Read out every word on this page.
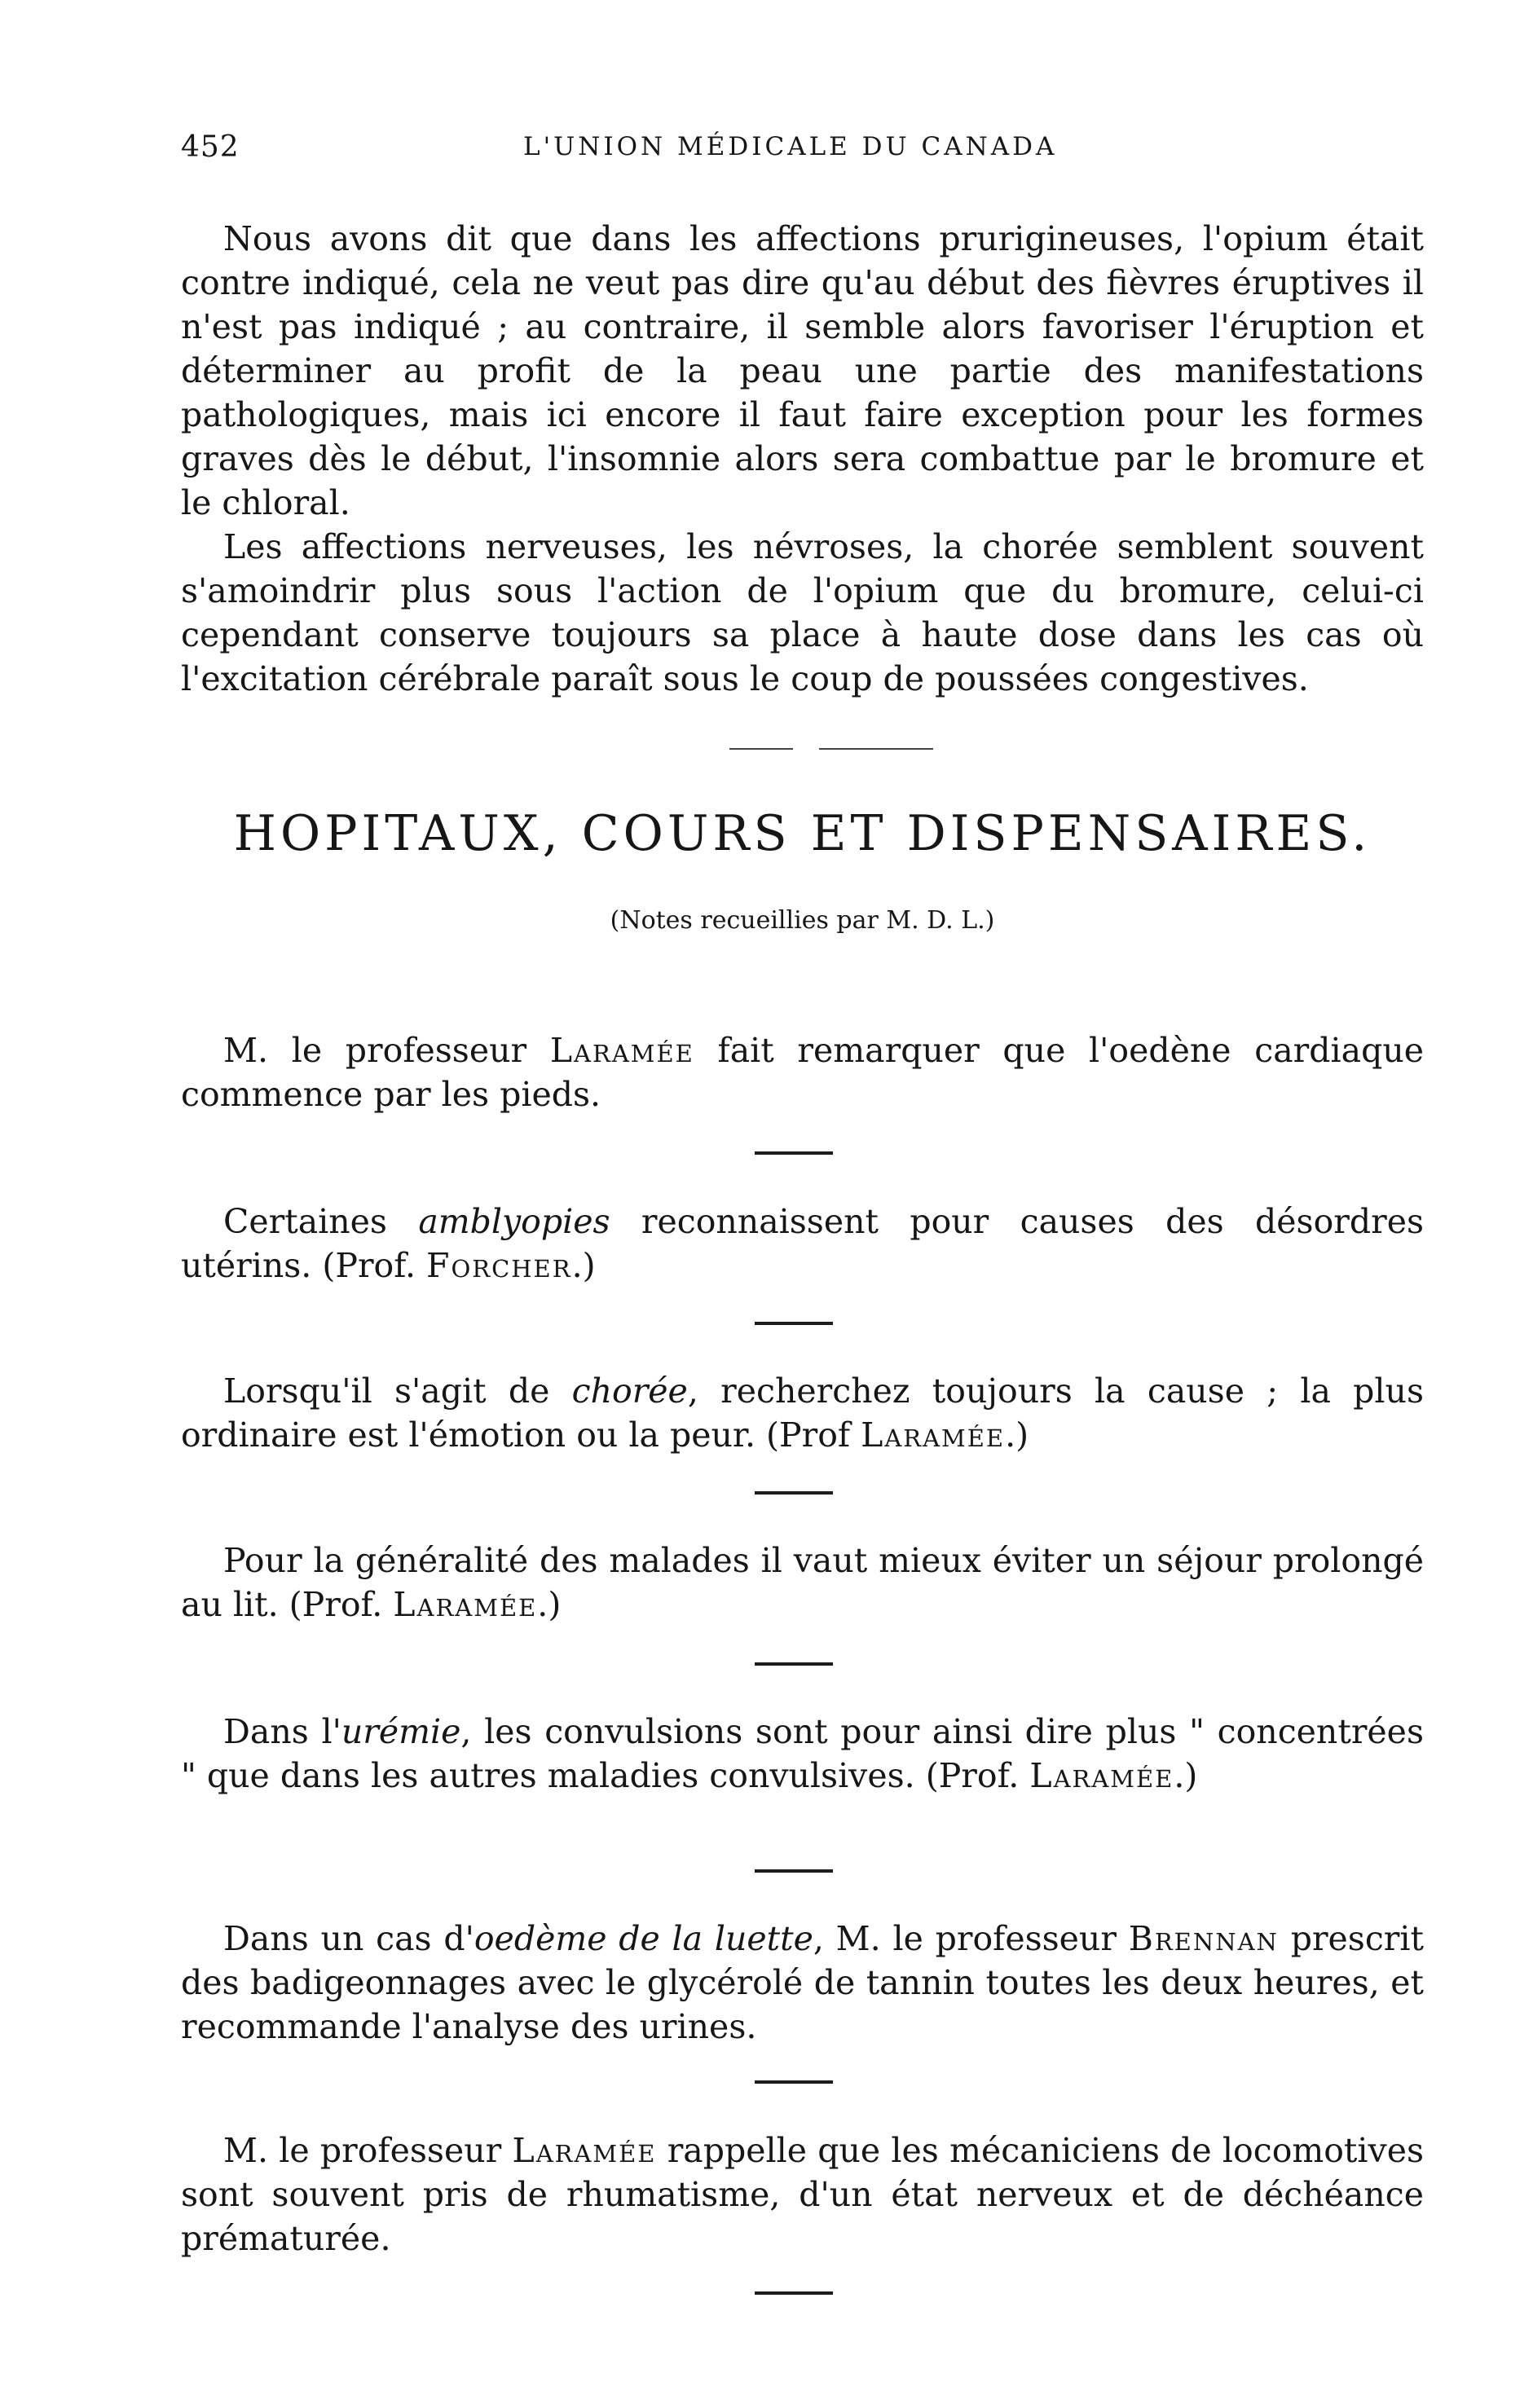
452	L'UNION MÉDICALE DU CANADA

Nous avons dit que dans les affections prurigineuses, l'opium était contre indiqué, cela ne veut pas dire qu'au début des fièvres éruptives il n'est pas indiqué ; au contraire, il semble alors favoriser l'éruption et déterminer au profit de la peau une partie des manifestations pathologiques, mais ici encore il faut faire exception pour les formes graves dès le début, l'insomnie alors sera combattue par le bromure et le chloral.

Les affections nerveuses, les névroses, la chorée semblent souvent s'amoindrir plus sous l'action de l'opium que du bromure, celui-ci cependant conserve toujours sa place à haute dose dans les cas où l'excitation cérébrale paraît sous le coup de poussées congestives.

HOPITAUX, COURS ET DISPENSAIRES.

(Notes recueillies par M. D. L.)

M. le professeur Laramée fait remarquer que l'oedène cardiaque commence par les pieds.

Certaines amblyopies reconnaissent pour causes des désordres utérins. (Prof. Forcher.)

Lorsqu'il s'agit de chorée, recherchez toujours la cause ; la plus ordinaire est l'émotion ou la peur. (Prof Laramée.)

Pour la généralité des malades il vaut mieux éviter un séjour prolongé au lit. (Prof. Laramée.)

Dans l'urémie, les convulsions sont pour ainsi dire plus " concentrées " que dans les autres maladies convulsives. (Prof. Laramée.)

Dans un cas d'oedème de la luette, M. le professeur Brennan prescrit des badigeonnages avec le glycérolé de tannin toutes les deux heures, et recommande l'analyse des urines.

M. le professeur Laramée rappelle que les mécaniciens de locomotives sont souvent pris de rhumatisme, d'un état nerveux et de déchéance prématurée.
